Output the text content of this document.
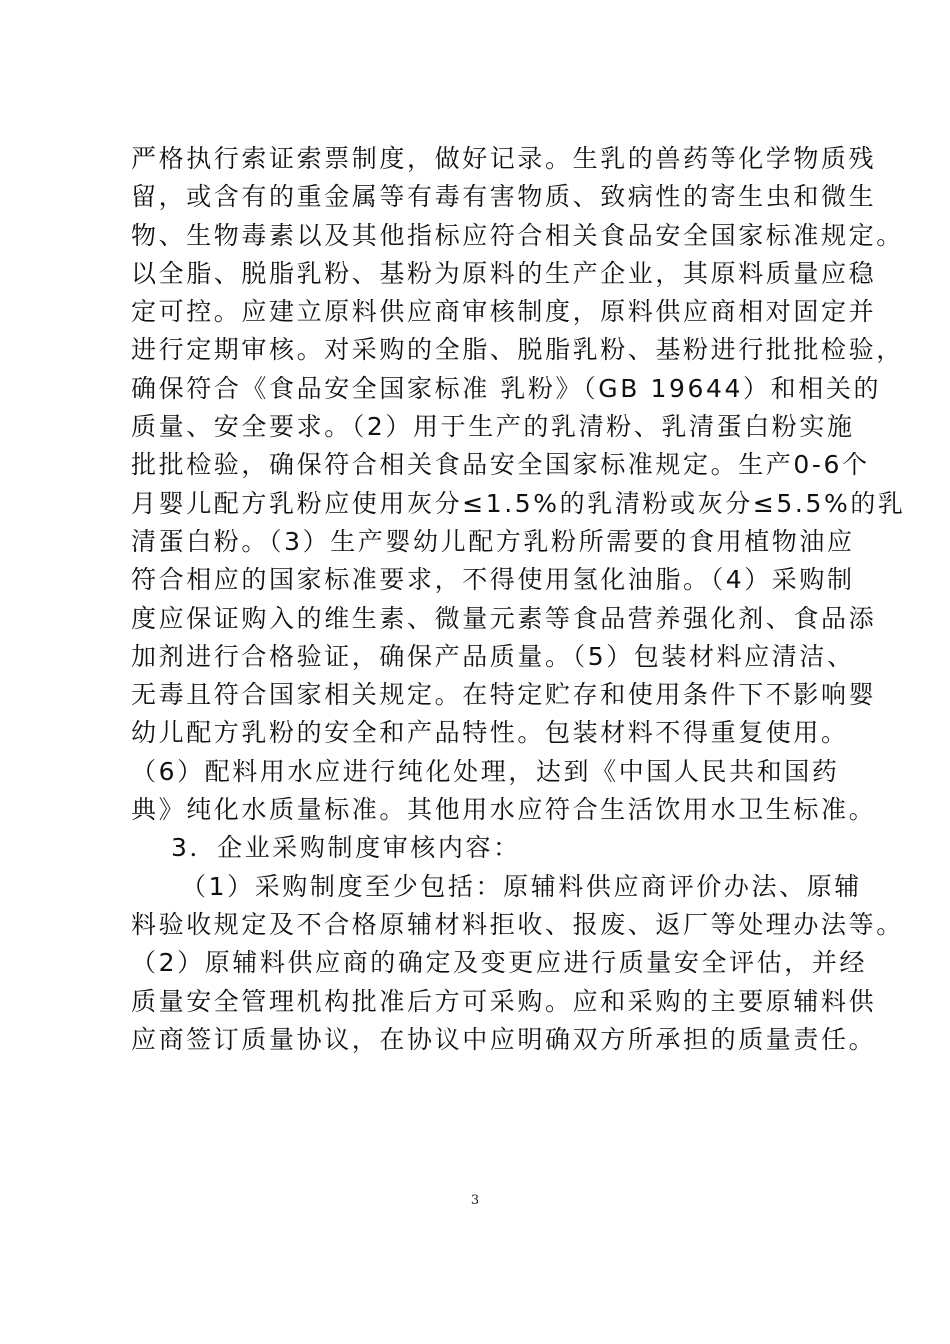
严格执行索证索票制度，做好记录。生乳的兽药等化学物质残
留，或含有的重金属等有毒有害物质、致病性的寄生虫和微生
物、生物毒素以及其他指标应符合相关食品安全国家标准规定。
以全脂、脱脂乳粉、基粉为原料的生产企业，其原料质量应稳
定可控。应建立原料供应商审核制度，原料供应商相对固定并
进行定期审核。对采购的全脂、脱脂乳粉、基粉进行批批检验，
确保符合《食品安全国家标准 乳粉》（GB 19644）和相关的
质量、安全要求。（2）用于生产的乳清粉、乳清蛋白粉实施
批批检验，确保符合相关食品安全国家标准规定。生产0-6个
月婴儿配方乳粉应使用灰分≤1.5%的乳清粉或灰分≤5.5%的乳
清蛋白粉。（3）生产婴幼儿配方乳粉所需要的食用植物油应
符合相应的国家标准要求，不得使用氢化油脂。（4）采购制
度应保证购入的维生素、微量元素等食品营养强化剂、食品添
加剂进行合格验证，确保产品质量。（5）包装材料应清洁、
无毒且符合国家相关规定。在特定贮存和使用条件下不影响婴
幼儿配方乳粉的安全和产品特性。包装材料不得重复使用。
（6）配料用水应进行纯化处理，达到《中国人民共和国药
典》纯化水质量标准。其他用水应符合生活饮用水卫生标准。
3．企业采购制度审核内容：
（1）采购制度至少包括：原辅料供应商评价办法、原辅
料验收规定及不合格原辅材料拒收、报废、返厂等处理办法等。
（2）原辅料供应商的确定及变更应进行质量安全评估，并经
质量安全管理机构批准后方可采购。应和采购的主要原辅料供
应商签订质量协议，在协议中应明确双方所承担的质量责任。
3
